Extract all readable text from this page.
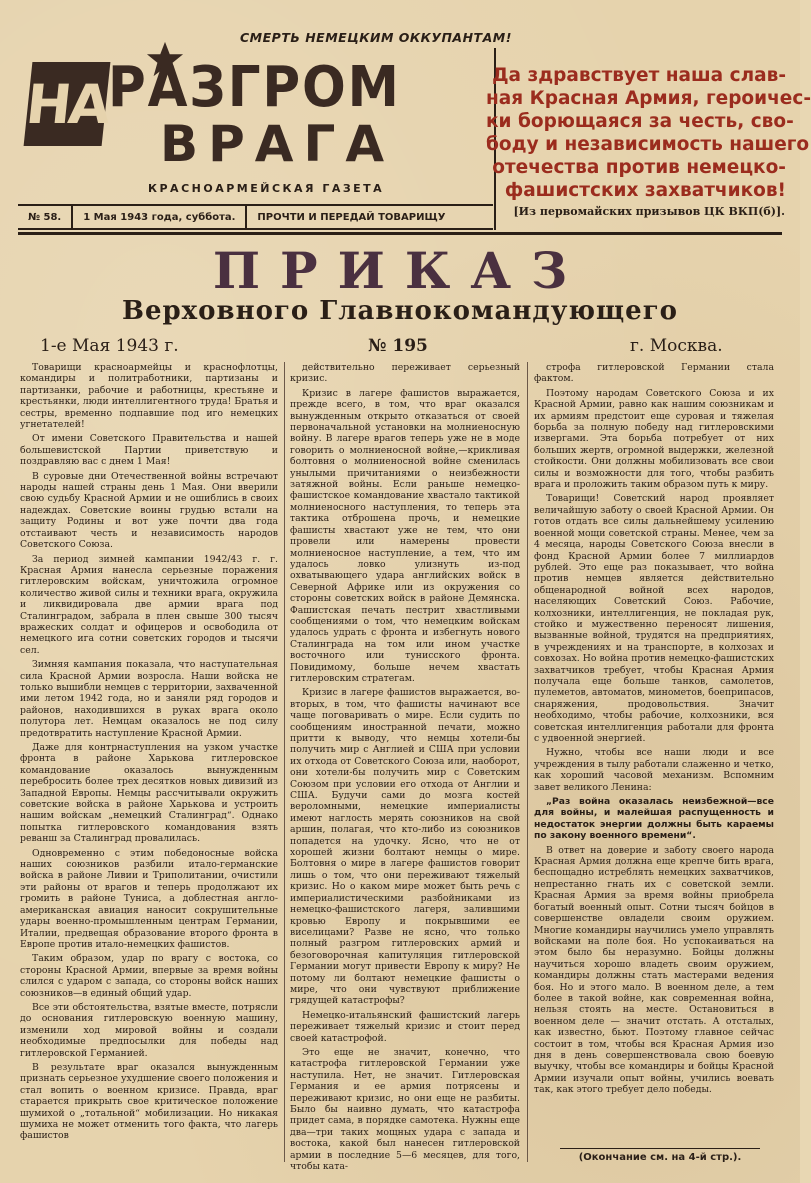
СМЕРТЬ НЕМЕЦКИМ ОККУПАНТАМ!
НА
РАЗГРОМ
ВРАГА
КРАСНОАРМЕЙСКАЯ ГАЗЕТА
№ 58.	1 Мая 1943 года, суббота.	ПРОЧТИ И ПЕРЕДАЙ ТОВАРИЩУ
Да здравствует наша слав-
ная Красная Армия, героичес-
ки борющаяся за честь, сво-
боду и независимость нашего
отечества против немецко-
фашистских захватчиков!
[Из первомайских призывов ЦК ВКП(б)].
ПРИКАЗ
Верховного Главнокомандующего
1-е Мая 1943 г.	№ 195	г. Москва.

Товарищи красноармейцы и краснофлотцы, командиры и политработники, партизаны и партизанки, рабочие и работницы, крестьяне и крестьянки, люди интеллигентного труда! Братья и сестры, временно подпавшие под иго немецких угнетателей!

От имени Советского Правительства и нашей большевистской Партии приветствую и поздравляю вас с днем 1 Мая!

В суровые дни Отечественной войны встречают народы нашей страны день 1 Мая. Они вверили свою судьбу Красной Армии и не ошиблись в своих надеждах. Советские воины грудью встали на защиту Родины и вот уже почти два года отстаивают честь и независимость народов Советского Союза.

За период зимней кампании 1942/43 г. г. Красная Армия нанесла серьезные поражения гитлеровским войскам, уничтожила огромное количество живой силы и техники врага, окружила и ликвидировала две армии врага под Сталинградом, забрала в плен свыше 300 тысяч вражеских солдат и офицеров и освободила от немецкого ига сотни советских городов и тысячи сел.

Зимняя кампания показала, что наступательная сила Красной Армии возросла. Наши войска не только вышибли немцев с территории, захваченной ими летом 1942 года, но и заняли ряд городов и районов, находившихся в руках врага около полутора лет. Немцам оказалось не под силу предотвратить наступление Красной Армии.

Даже для контрнаступления на узком участке фронта в районе Харькова гитлеровское командование оказалось вынужденным перебросить более трех десятков новых дивизий из Западной Европы. Немцы рассчитывали окружить советские войска в районе Харькова и устроить нашим войскам „немецкий Сталинград“. Однако попытка гитлеровского командования взять реванш за Сталинград провалилась.

Одновременно с этим победоносные войска наших союзников разбили итало-германские войска в районе Ливии и Триполитании, очистили эти районы от врагов и теперь продолжают их громить в районе Туниса, а доблестная англо-американская авиация наносит сокрушительные удары военно-промышленным центрам Германии, Италии, предвещая образование второго фронта в Европе против итало-немецких фашистов.

Таким образом, удар по врагу с востока, со стороны Красной Армии, впервые за время войны слился с ударом с запада, со стороны войск наших союзников—в единый общий удар.

Все эти обстоятельства, взятые вместе, потрясли до основания гитлеровскую военную машину, изменили ход мировой войны и создали необходимые предпосылки для победы над гитлеровской Германией.

В результате враг оказался вынужденным признать серьезное ухудшение своего положения и стал вопить о военном кризисе. Правда, враг старается прикрыть свое критическое положение шумихой о „тотальной“ мобилизации. Но никакая шумиха не может отменить того факта, что лагерь фашистов

действительно переживает серьезный кризис.

Кризис в лагере фашистов выражается, прежде всего, в том, что враг оказался вынужденным открыто отказаться от своей первоначальной установки на молниеносную войну. В лагере врагов теперь уже не в моде говорить о молниеносной войне,—крикливая болтовня о молниеносной войне сменилась унылыми причитаниями о неизбежности затяжной войны. Если раньше немецко-фашистское командование хвастало тактикой молниеносного наступления, то теперь эта тактика отброшена прочь, и немецкие фашисты хвастают уже не тем, что они провели или намерены провести молниеносное наступление, а тем, что им удалось ловко улизнуть из-под охватывающего удара английских войск в Северной Африке или из окружения со стороны советских войск в районе Демянска. Фашистская печать пестрит хвастливыми сообщениями о том, что немецким войскам удалось удрать с фронта и избегнуть нового Сталинграда на том или ином участке восточного или тунисского фронта. Повидимому, больше нечем хвастать гитлеровским стратегам.

Кризис в лагере фашистов выражается, во-вторых, в том, что фашисты начинают все чаще поговаривать о мире. Если судить по сообщениям иностранной печати, можно притти к выводу, что немцы хотели-бы получить мир с Англией и США при условии их отхода от Советского Союза или, наоборот, они хотели-бы получить мир с Советским Союзом при условии его отхода от Англии и США. Будучи сами до мозга костей вероломными, немецкие империалисты имеют наглость мерять союзников на свой аршин, полагая, что кто-либо из союзников попадется на удочку. Ясно, что не от хорошей жизни болтают немцы о мире. Болтовня о мире в лагере фашистов говорит лишь о том, что они переживают тяжелый кризис. Но о каком мире может быть речь с империалистическими разбойниками из немецко-фашистского лагеря, залившими кровью Европу и покрывшими ее виселицами? Разве не ясно, что только полный разгром гитлеровских армий и безоговорочная капитуляция гитлеровской Германии могут привести Европу к миру? Не потому ли болтают немецкие фашисты о мире, что они чувствуют приближение грядущей катастрофы?

Немецко-итальянский фашистский лагерь переживает тяжелый кризис и стоит перед своей катастрофой.

Это еще не значит, конечно, что катастрофа гитлеровской Германии уже наступила. Нет, не значит. Гитлеровская Германия и ее армия потрясены и переживают кризис, но они еще не разбиты. Было бы наивно думать, что катастрофа придет сама, в порядке самотека. Нужны еще два—три таких мощных удара с запада и востока, какой был нанесен гитлеровской армии в последние 5—6 месяцев, для того, чтобы ката-

строфа гитлеровской Германии стала фактом.

Поэтому народам Советского Союза и их Красной Армии, равно как нашим союзникам и их армиям предстоит еще суровая и тяжелая борьба за полную победу над гитлеровскими извергами. Эта борьба потребует от них больших жертв, огромной выдержки, железной стойкости. Они должны мобилизовать все свои силы и возможности для того, чтобы разбить врага и проложить таким образом путь к миру.

Товарищи! Советский народ проявляет величайшую заботу о своей Красной Армии. Он готов отдать все силы дальнейшему усилению военной мощи советской страны. Менее, чем за 4 месяца, народы Советского Союза внесли в фонд Красной Армии более 7 миллиардов рублей. Это еще раз показывает, что война против немцев является действительно общенародной войной всех народов, населяющих Советский Союз. Рабочие, колхозники, интеллигенция, не покладая рук, стойко и мужественно переносят лишения, вызванные войной, трудятся на предприятиях, в учреждениях и на транспорте, в колхозах и совхозах. Но война против немецко-фашистских захватчиков требует, чтобы Красная Армия получала еще больше танков, самолетов, пулеметов, автоматов, минометов, боеприпасов, снаряжения, продовольствия. Значит необходимо, чтобы рабочие, колхозники, вся советская интеллигенция работали для фронта с удвоенной энергией.

Нужно, чтобы все наши люди и все учреждения в тылу работали слаженно и четко, как хороший часовой механизм. Вспомним завет великого Ленина:

„Раз война оказалась неизбежной—все для войны, и малейшая распущенность и недостаток энергии должны быть караемы по закону военного времени“.

В ответ на доверие и заботу своего народа Красная Армия должна еще крепче бить врага, беспощадно истреблять немецких захватчиков, непрестанно гнать их с советской земли. Красная Армия за время войны приобрела богатый военный опыт. Сотни тысяч бойцов в совершенстве овладели своим оружием. Многие командиры научились умело управлять войсками на поле боя. Но успокаиваться на этом было бы неразумно. Бойцы должны научиться хорошо владеть своим оружием, командиры должны стать мастерами ведения боя. Но и этого мало. В военном деле, а тем более в такой войне, как современная война, нельзя стоять на месте. Остановиться в военном деле — значит отстать. А отсталых, как известно, бьют. Поэтому главное сейчас состоит в том, чтобы вся Красная Армия изо дня в день совершенствовала свою боевую выучку, чтобы все командиры и бойцы Красной Армии изучали опыт войны, учились воевать так, как этого требует дело победы.

(Окончание см. на 4-й стр.).
